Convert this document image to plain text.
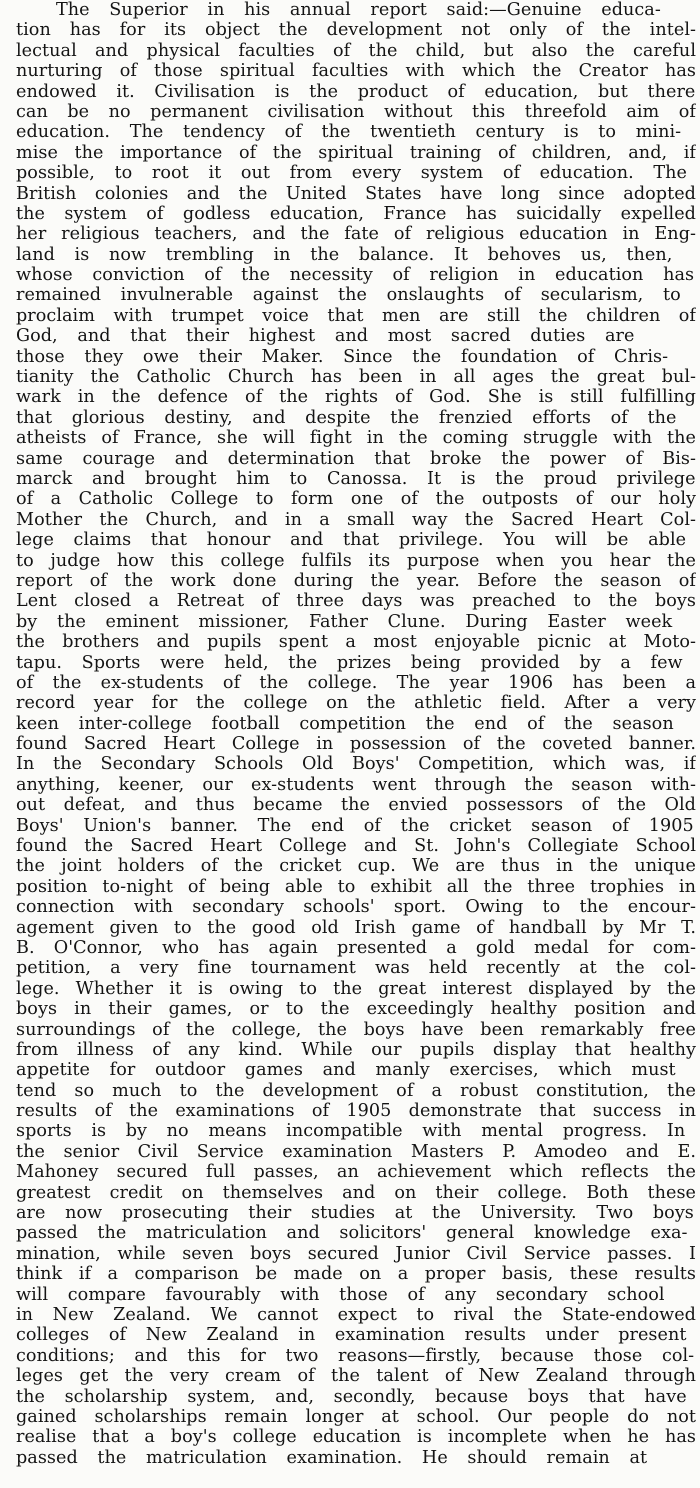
The Superior in his annual report said:—Genuine educa-
tion has for its object the development not only of the intel-
lectual and physical faculties of the child, but also the careful
nurturing of those spiritual faculties with which the Creator has
endowed it. Civilisation is the product of education, but there
can be no permanent civilisation without this threefold aim of
education. The tendency of the twentieth century is to mini-
mise the importance of the spiritual training of children, and, if
possible, to root it out from every system of education. The
British colonies and the United States have long since adopted
the system of godless education, France has suicidally expelled
her religious teachers, and the fate of religious education in Eng-
land is now trembling in the balance. It behoves us, then,
whose conviction of the necessity of religion in education has
remained invulnerable against the onslaughts of secularism, to
proclaim with trumpet voice that men are still the children of
God, and that their highest and most sacred duties are
those they owe their Maker. Since the foundation of Chris-
tianity the Catholic Church has been in all ages the great bul-
wark in the defence of the rights of God. She is still fulfilling
that glorious destiny, and despite the frenzied efforts of the
atheists of France, she will fight in the coming struggle with the
same courage and determination that broke the power of Bis-
marck and brought him to Canossa. It is the proud privilege
of a Catholic College to form one of the outposts of our holy
Mother the Church, and in a small way the Sacred Heart Col-
lege claims that honour and that privilege. You will be able
to judge how this college fulfils its purpose when you hear the
report of the work done during the year. Before the season of
Lent closed a Retreat of three days was preached to the boys
by the eminent missioner, Father Clune. During Easter week
the brothers and pupils spent a most enjoyable picnic at Moto-
tapu. Sports were held, the prizes being provided by a few
of the ex-students of the college. The year 1906 has been a
record year for the college on the athletic field. After a very
keen inter-college football competition the end of the season
found Sacred Heart College in possession of the coveted banner.
In the Secondary Schools Old Boys' Competition, which was, if
anything, keener, our ex-students went through the season with-
out defeat, and thus became the envied possessors of the Old
Boys' Union's banner. The end of the cricket season of 1905
found the Sacred Heart College and St. John's Collegiate School
the joint holders of the cricket cup. We are thus in the unique
position to-night of being able to exhibit all the three trophies in
connection with secondary schools' sport. Owing to the encour-
agement given to the good old Irish game of handball by Mr T.
B. O'Connor, who has again presented a gold medal for com-
petition, a very fine tournament was held recently at the col-
lege. Whether it is owing to the great interest displayed by the
boys in their games, or to the exceedingly healthy position and
surroundings of the college, the boys have been remarkably free
from illness of any kind. While our pupils display that healthy
appetite for outdoor games and manly exercises, which must
tend so much to the development of a robust constitution, the
results of the examinations of 1905 demonstrate that success in
sports is by no means incompatible with mental progress. In
the senior Civil Service examination Masters P. Amodeo and E.
Mahoney secured full passes, an achievement which reflects the
greatest credit on themselves and on their college. Both these
are now prosecuting their studies at the University. Two boys
passed the matriculation and solicitors' general knowledge exa-
mination, while seven boys secured Junior Civil Service passes. I
think if a comparison be made on a proper basis, these results
will compare favourably with those of any secondary school
in New Zealand. We cannot expect to rival the State-endowed
colleges of New Zealand in examination results under present
conditions; and this for two reasons—firstly, because those col-
leges get the very cream of the talent of New Zealand through
the scholarship system, and, secondly, because boys that have
gained scholarships remain longer at school. Our people do not
realise that a boy's college education is incomplete when he has
passed the matriculation examination. He should remain at
